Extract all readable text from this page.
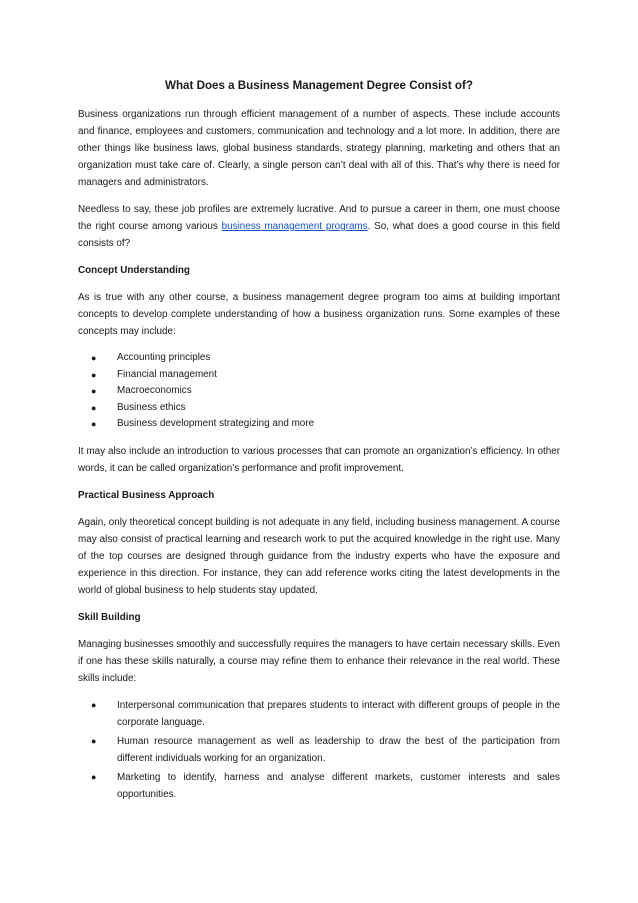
What Does a Business Management Degree Consist of?

Business organizations run through efficient management of a number of aspects. These include accounts and finance, employees and customers, communication and technology and a lot more. In addition, there are other things like business laws, global business standards, strategy planning, marketing and others that an organization must take care of. Clearly, a single person can’t deal with all of this. That’s why there is need for managers and administrators.

Needless to say, these job profiles are extremely lucrative. And to pursue a career in them, one must choose the right course among various business management programs. So, what does a good course in this field consists of?

Concept Understanding

As is true with any other course, a business management degree program too aims at building important concepts to develop complete understanding of how a business organization runs. Some examples of these concepts may include:

● Accounting principles
● Financial management
● Macroeconomics
● Business ethics
● Business development strategizing and more

It may also include an introduction to various processes that can promote an organization’s efficiency. In other words, it can be called organization’s performance and profit improvement.

Practical Business Approach

Again, only theoretical concept building is not adequate in any field, including business management. A course may also consist of practical learning and research work to put the acquired knowledge in the right use. Many of the top courses are designed through guidance from the industry experts who have the exposure and experience in this direction. For instance, they can add reference works citing the latest developments in the world of global business to help students stay updated.

Skill Building

Managing businesses smoothly and successfully requires the managers to have certain necessary skills. Even if one has these skills naturally, a course may refine them to enhance their relevance in the real world. These skills include:

● Interpersonal communication that prepares students to interact with different groups of people in the corporate language.
● Human resource management as well as leadership to draw the best of the participation from different individuals working for an organization.
● Marketing to identify, harness and analyse different markets, customer interests and sales opportunities.
